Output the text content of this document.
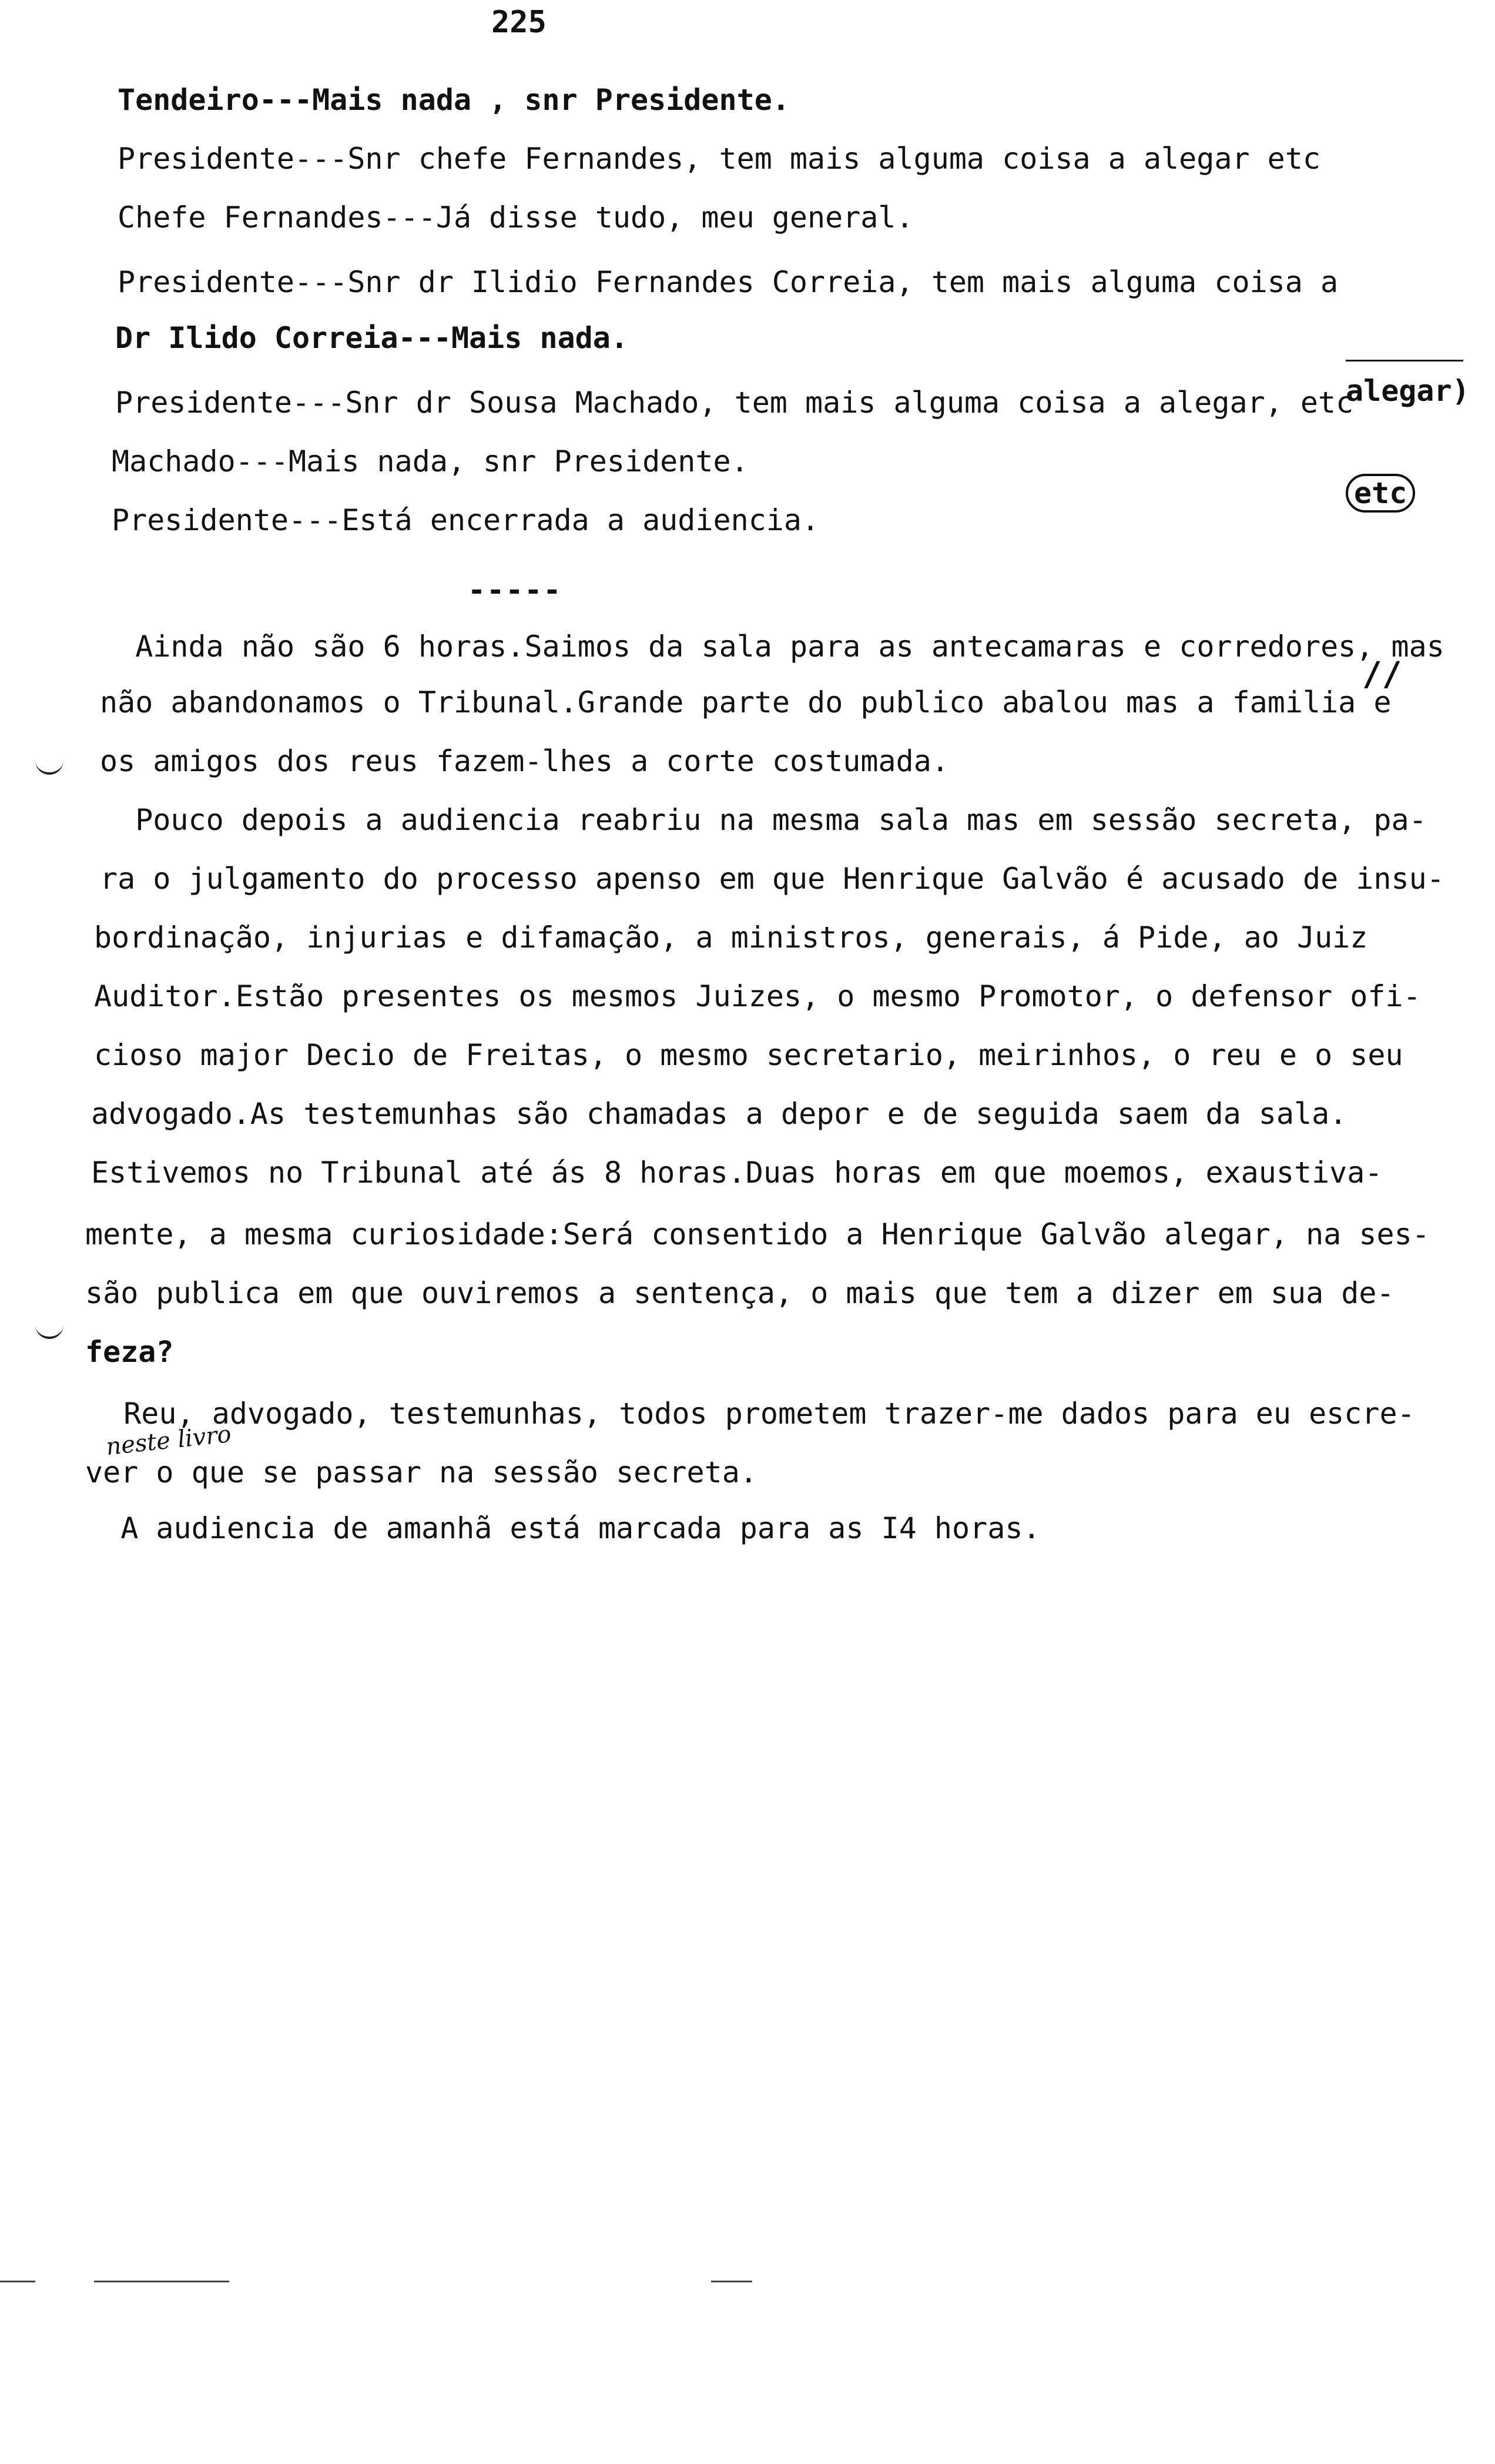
225
Tendeiro---Mais nada , snr Presidente.
Presidente---Snr chefe Fernandes, tem mais alguma coisa a alegar etc
Chefe Fernandes---Já disse tudo, meu general.
Presidente---Snr dr Ilidio Fernandes Correia, tem mais alguma coisa a
Dr Ilido Correia---Mais nada.
Presidente---Snr dr Sousa Machado, tem mais alguma coisa a alegar, etc
Machado---Mais nada, snr Presidente.
Presidente---Está encerrada a audiencia.

alegar)

etc

-----
Ainda não são 6 horas.Saimos da sala para as antecamaras e corredores, mas
não abandonamos o Tribunal.Grande parte do publico abalou mas a familia e
os amigos dos reus fazem-lhes a corte costumada.
//
Pouco depois a audiencia reabriu na mesma sala mas em sessão secreta, pa-
ra o julgamento do processo apenso em que Henrique Galvão é acusado de insu-
bordinação, injurias e difamação, a ministros, generais, á Pide, ao Juiz
Auditor.Estão presentes os mesmos Juizes, o mesmo Promotor, o defensor ofi-
cioso major Decio de Freitas, o mesmo secretario, meirinhos, o reu e o seu
advogado.As testemunhas são chamadas a depor e de seguida saem da sala.
Estivemos no Tribunal até ás 8 horas.Duas horas em que moemos, exaustiva-
mente, a mesma curiosidade:Será consentido a Henrique Galvão alegar, na ses-
são publica em que ouviremos a sentença, o mais que tem a dizer em sua de-
feza?
Reu, advogado, testemunhas, todos prometem trazer-me dados para eu escre-
neste livro
ver o que se passar na sessão secreta.
A audiencia de amanhã está marcada para as I4 horas.
